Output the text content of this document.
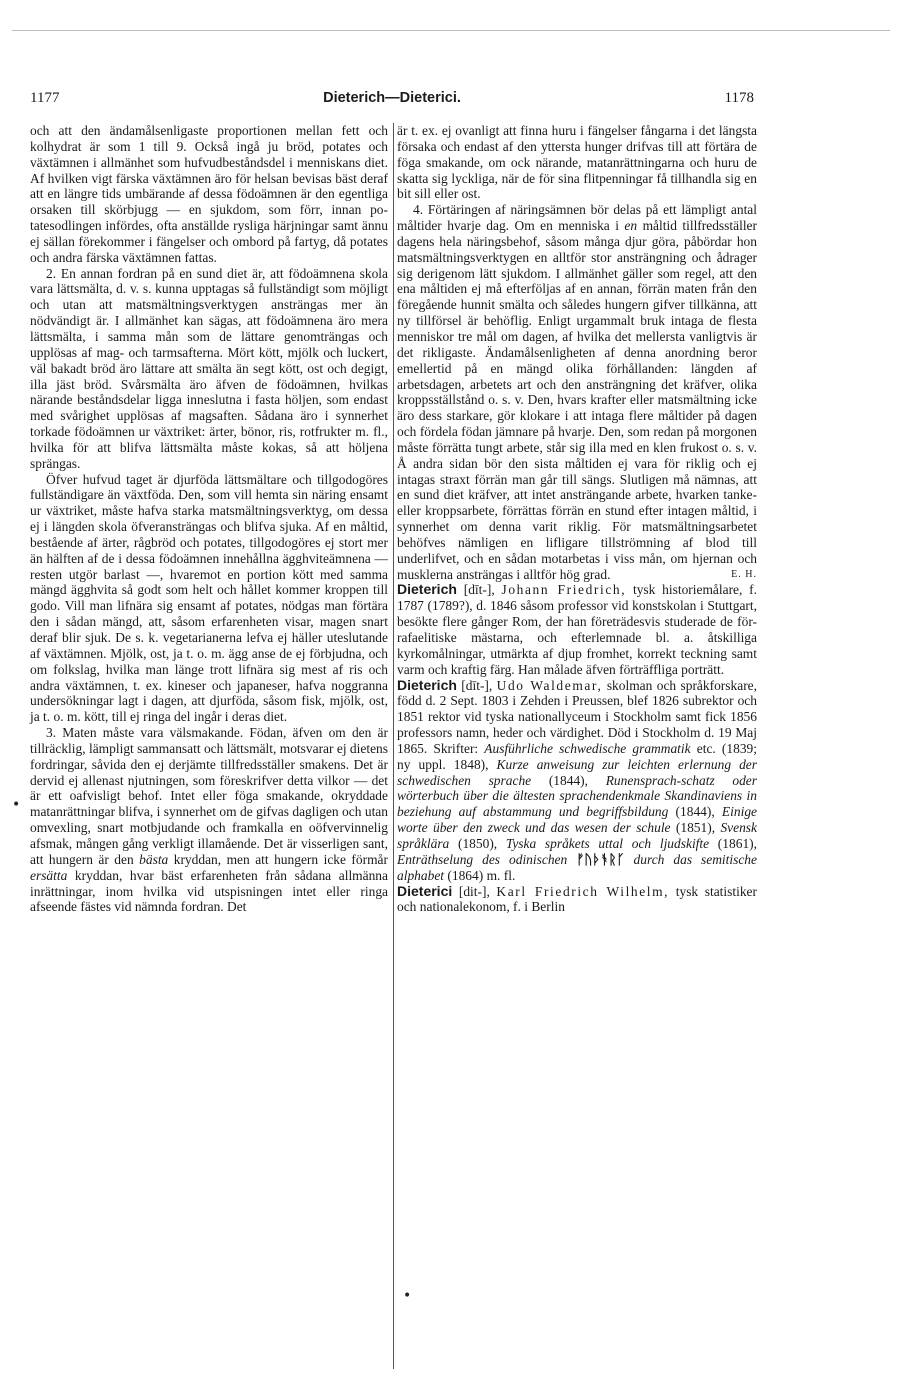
1177	Dieterich—Dieterici.	1178

och att den ändamålsenligaste proportionen mellan fett och kolhydrat är som 1 till 9. Också ingå ju bröd, potates och växtämnen i allmänhet som hufvudbeståndsdel i menniskans diet. Af hvilken vigt färska växtämnen äro för helsan bevisas bäst deraf att en längre tids umbärande af dessa födoämnen är den egentliga orsaken till skörbjugg — en sjukdom, som förr, innan potatesodlingen infördes, ofta anställde rysliga härjningar samt ännu ej sällan förekommer i fängelser och ombord på fartyg, då potates och andra färska växtämnen fattas.

2. En annan fordran på en sund diet är, att födoämnena skola vara lättsmälta, d. v. s. kunna upptagas så fullständigt som möjligt och utan att matsmältningsverktygen ansträngas mer än nödvändigt är. I allmänhet kan sägas, att födoämnena äro mera lättsmälta, i samma mån som de lättare genomträngas och upplösas af mag- och tarmsafterna. Mört kött, mjölk och luckert, väl bakadt bröd äro lättare att smälta än segt kött, ost och degigt, illa jäst bröd. Svårsmälta äro äfven de födoämnen, hvilkas närande beståndsdelar ligga inneslutna i fasta höljen, som endast med svårighet upplösas af magsaften. Sådana äro i synnerhet torkade födoämnen ur växtriket: ärter, bönor, ris, rotfrukter m. fl., hvilka för att blifva lättsmälta måste kokas, så att höljena sprängas.

Öfver hufvud taget är djurföda lättsmältare och tillgodogöres fullständigare än växtföda. Den, som vill hemta sin näring ensamt ur växtriket, måste hafva starka matsmältningsverktyg, om dessa ej i längden skola öfveransträngas och blifva sjuka. Af en måltid, bestående af ärter, rågbröd och potates, tillgodogöres ej stort mer än hälften af de i dessa födoämnen innehållna ägghviteämnena — resten utgör barlast —, hvaremot en portion kött med samma mängd ägghvita så godt som helt och hållet kommer kroppen till godo. Vill man lifnära sig ensamt af potates, nödgas man förtära den i sådan mängd, att, såsom erfarenheten visar, magen snart deraf blir sjuk. De s. k. vegetarianerna lefva ej häller uteslutande af växtämnen. Mjölk, ost, ja t. o. m. ägg anse de ej förbjudna, och om folkslag, hvilka man länge trott lifnära sig mest af ris och andra växtämnen, t. ex. kineser och japaneser, hafva noggranna undersökningar lagt i dagen, att djurföda, såsom fisk, mjölk, ost, ja t. o. m. kött, till ej ringa del ingår i deras diet.

3. Maten måste vara välsmakande. Födan, äfven om den är tillräcklig, lämpligt sammansatt och lättsmält, motsvarar ej dietens fordringar, såvida den ej derjämte tillfredsställer smakens. Det är dervid ej allenast njutningen, som föreskrifver detta vilkor — det är ett oafvisligt behof. Intet eller föga smakande, okryddade matanrättningar blifva, i synnerhet om de gifvas dagligen och utan omvexling, snart motbjudande och framkalla en oöfvervinnelig afsmak, mången gång verkligt illamående. Det är visserligen sant, att hungern är den bästa kryddan, men att hungern icke förmår ersätta kryddan, hvar bäst erfarenheten från sådana allmänna inrättningar, inom hvilka vid utspisningen intet eller ringa afseende fästes vid nämnda fordran. Det

är t. ex. ej ovanligt att finna huru i fängelser fångarna i det längsta försaka och endast af den yttersta hunger drifvas till att förtära de föga smakande, om ock närande, matanrättningarna och huru de skatta sig lyckliga, när de för sina flitpenningar få tillhandla sig en bit sill eller ost.

4. Förtäringen af näringsämnen bör delas på ett lämpligt antal måltider hvarje dag. Om en menniska i en måltid tillfredsställer dagens hela näringsbehof, såsom många djur göra, påbördar hon matsmältningsverktygen en alltför stor ansträngning och ådrager sig derigenom lätt sjukdom. I allmänhet gäller som regel, att den ena måltiden ej må efterföljas af en annan, förrän maten från den föregående hunnit smälta och således hungern gifver tillkänna, att ny tillförsel är behöflig. Enligt urgammalt bruk intaga de flesta menniskor tre mål om dagen, af hvilka det mellersta vanligtvis är det rikligaste. Ändamålsenligheten af denna anordning beror emellertid på en mängd olika förhållanden: längden af arbetsdagen, arbetets art och den ansträngning det kräfver, olika kroppsställstånd o. s. v. Den, hvars krafter eller matsmältning icke äro dess starkare, gör klokare i att intaga flere måltider på dagen och fördela födan jämnare på hvarje. Den, som redan på morgonen måste förrätta tungt arbete, står sig illa med en klen frukost o. s. v. Å andra sidan bör den sista måltiden ej vara för riklig och ej intagas straxt förrän man går till sängs. Slutligen må nämnas, att en sund diet kräfver, att intet ansträngande arbete, hvarken tanke- eller kroppsarbete, förrättas förrän en stund efter intagen måltid, i synnerhet om denna varit riklig. För matsmältningsarbetet behöfves nämligen en lifligare tillströmning af blod till underlifvet, och en sådan motarbetas i viss mån, om hjernan och musklerna ansträngas i alltför hög grad.	E. H.

Dieterich [dīt-], Johann Friedrich, tysk historiemålare, f. 1787 (1789?), d. 1846 såsom professor vid konstskolan i Stuttgart, besökte flere gånger Rom, der han företrädesvis studerade de för-rafaelitiske mästarna, och efterlemnade bl. a. åtskilliga kyrkomålningar, utmärkta af djup fromhet, korrekt teckning samt varm och kraftig färg. Han målade äfven förträffliga porträtt.

Dieterich [dīt-], Udo Waldemar, skolman och språkforskare, född d. 2 Sept. 1803 i Zehden i Preussen, blef 1826 subrektor och 1851 rektor vid tyska nationallyceum i Stockholm samt fick 1856 professors namn, heder och värdighet. Död i Stockholm d. 19 Maj 1865. Skrifter: Ausführliche schwedische grammatik etc. (1839; ny uppl. 1848), Kurze anweisung zur leichten erlernung der schwedischen sprache (1844), Runensprach-schatz oder wörterbuch über die ältesten sprachendenkmale Skandinaviens in beziehung auf abstammung und begriffsbildung (1844), Einige worte über den zweck und das wesen der schule (1851), Svensk språklära (1850), Tyska språkets uttal och ljudskifte (1861), Enträthselung des odinischen ᚠᚢᚦᚬᚱᚴ durch das semitische alphabet (1864) m. fl.

Dieterici [dit-], Karl Friedrich Wilhelm, tysk statistiker och nationalekonom, f. i Berlin

•
•
